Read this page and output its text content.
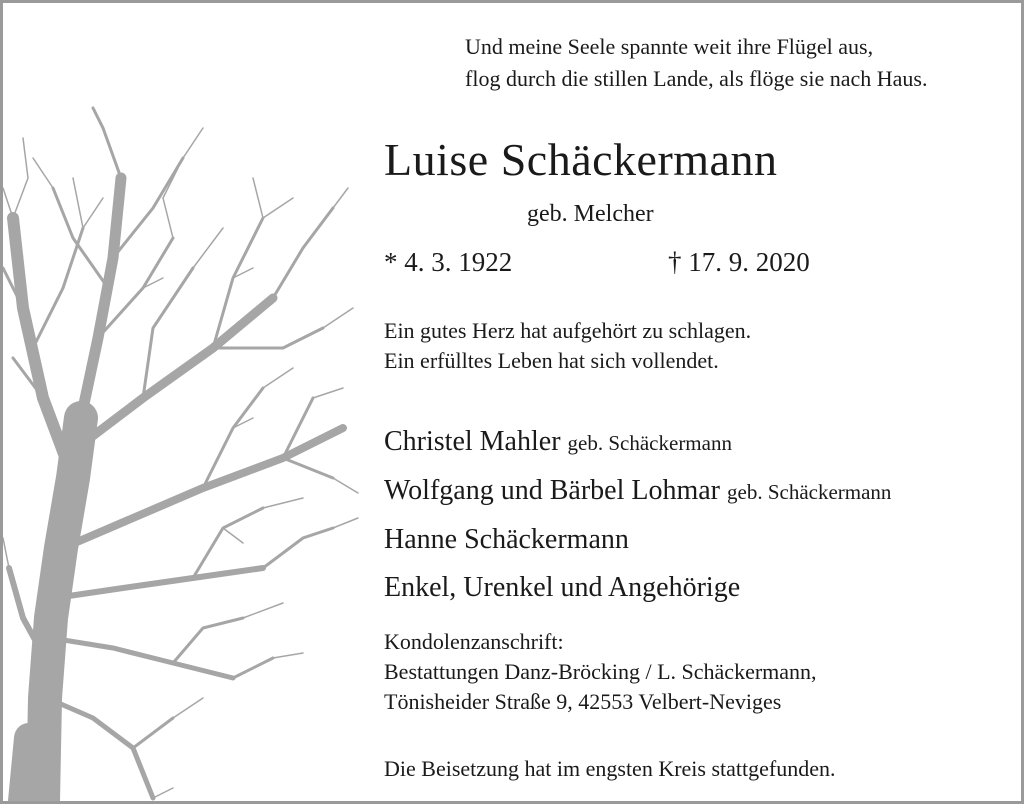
Und meine Seele spannte weit ihre Flügel aus,
flog durch die stillen Lande, als flöge sie nach Haus.
Luise Schäckermann
geb. Melcher
* 4. 3. 1922	† 17. 9. 2020
Ein gutes Herz hat aufgehört zu schlagen.
Ein erfülltes Leben hat sich vollendet.
Christel Mahler geb. Schäckermann
Wolfgang und Bärbel Lohmar geb. Schäckermann
Hanne Schäckermann
Enkel, Urenkel und Angehörige
Kondolenzanschrift:
Bestattungen Danz-Bröcking / L. Schäckermann,
Tönisheider Straße 9, 42553 Velbert-Neviges
Die Beisetzung hat im engsten Kreis stattgefunden.
